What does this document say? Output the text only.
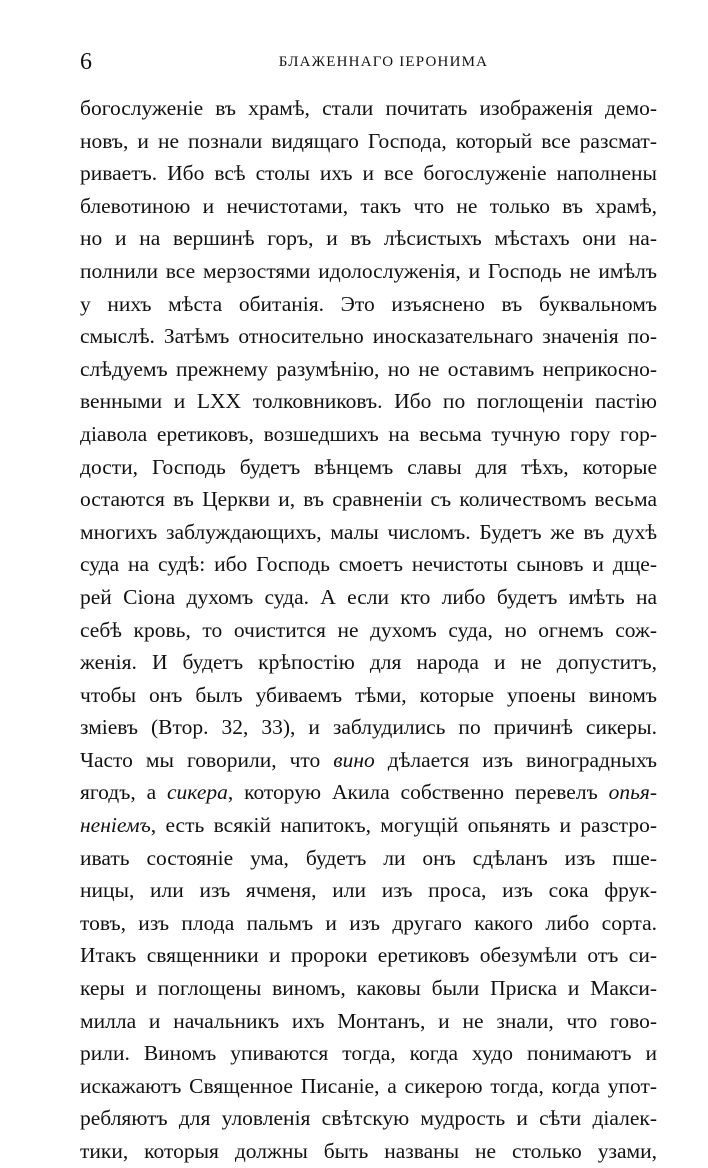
6	БЛАЖЕННАГО ІЕРОНИМА
богослуженіе въ храмѣ, стали почитать изображенія демо-
новъ, и не познали видящаго Господа, который все разсмат-
риваетъ. Ибо всѣ столы ихъ и все богослуженіе наполнены
блевотиною и нечистотами, такъ что не только въ храмѣ,
но и на вершинѣ горъ, и въ лѣсистыхъ мѣстахъ они на-
полнили все мерзостями идолослуженія, и Господь не имѣлъ
у нихъ мѣста обитанія. Это изъяснено въ буквальномъ
смыслѣ. Затѣмъ относительно иносказательнаго значенія по-
слѣдуемъ прежнему разумѣнію, но не оставимъ неприкосно-
венными и LXX толковниковъ. Ибо по поглощеніи пастію
діавола еретиковъ, возшедшихъ на весьма тучную гору гор-
дости, Господь будетъ вѣнцемъ славы для тѣхъ, которые
остаются въ Церкви и, въ сравненіи съ количествомъ весьма
многихъ заблуждающихъ, малы числомъ. Будетъ же въ духѣ
суда на судѣ: ибо Господь смоетъ нечистоты сыновъ и дще-
рей Сіона духомъ суда. А если кто либо будетъ имѣть на
себѣ кровь, то очистится не духомъ суда, но огнемъ сож-
женія. И будетъ крѣпостію для народа и не допуститъ,
чтобы онъ былъ убиваемъ тѣми, которые упоены виномъ
зміевъ (Втор. 32, 33), и заблудились по причинѣ сикеры.
Часто мы говорили, что вино дѣлается изъ виноградныхъ
ягодъ, а сикера, которую Акила собственно перевелъ опья-
неніемъ, есть всякій напитокъ, могущій опьянять и разстро-
ивать состояніе ума, будетъ ли онъ сдѣланъ изъ пше-
ницы, или изъ ячменя, или изъ проса, изъ сока фрук-
товъ, изъ плода пальмъ и изъ другаго какого либо сорта.
Итакъ священники и пророки еретиковъ обезумѣли отъ си-
керы и поглощены виномъ, каковы были Приска и Макси-
милла и начальникъ ихъ Монтанъ, и не знали, что гово-
рили. Виномъ упиваются тогда, когда худо понимаютъ и
искажаютъ Священное Писаніе, а сикерою тогда, когда упот-
ребляютъ для уловленія свѣтскую мудрость и сѣти діалек-
тики, которыя должны быть названы не столько узами,
